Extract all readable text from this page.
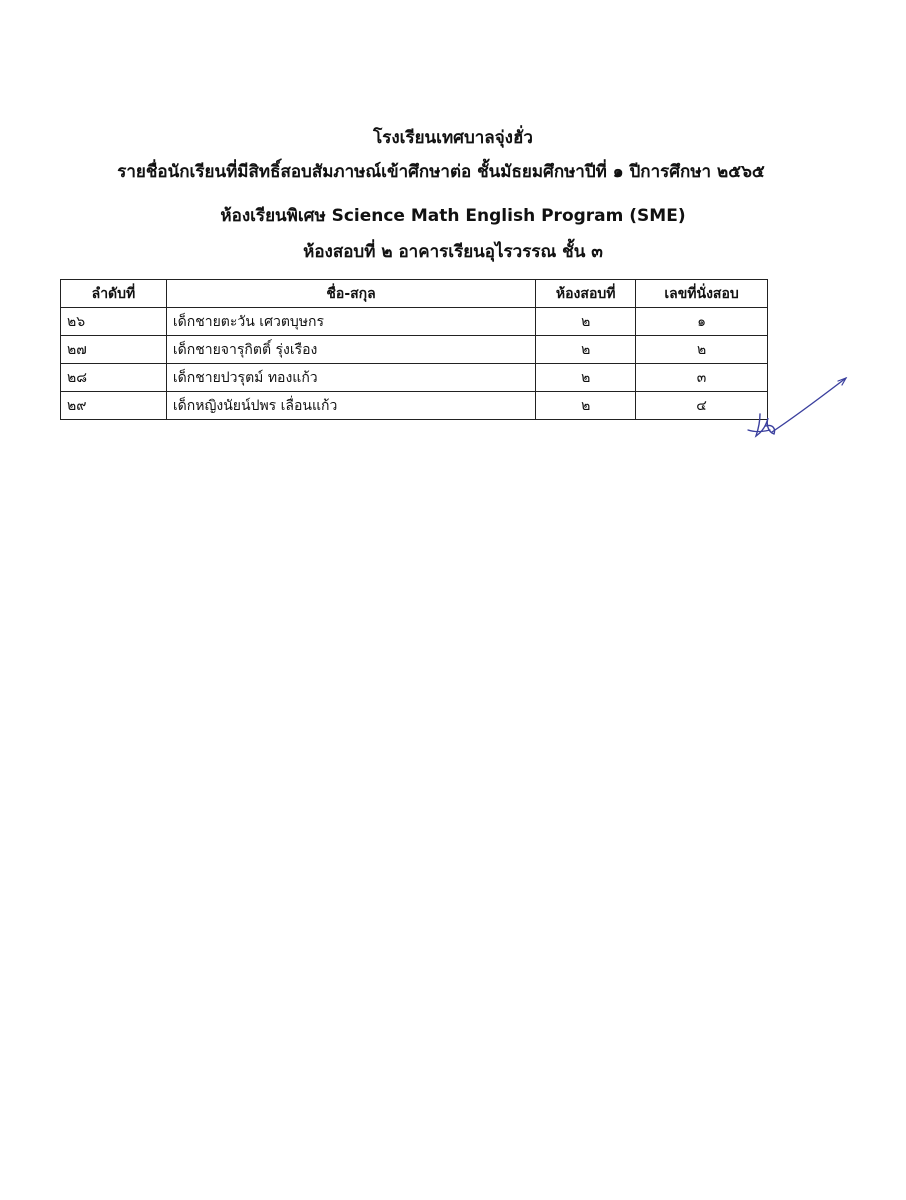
โรงเรียนเทศบาลจุ่งฮั่ว
รายชื่อนักเรียนที่มีสิทธิ์สอบสัมภาษณ์เข้าศึกษาต่อ ชั้นมัธยมศึกษาปีที่ ๑ ปีการศึกษา ๒๕๖๕
ห้องเรียนพิเศษ Science Math English Program (SME)
ห้องสอบที่ ๒ อาคารเรียนอุไรวรรณ ชั้น ๓
ลำดับที่	ชื่อ-สกุล	ห้องสอบที่	เลขที่นั่งสอบ
๒๖	เด็กชายตะวัน เศวตบุษกร	๒	๑
๒๗	เด็กชายจารุกิตติ์ รุ่งเรือง	๒	๒
๒๘	เด็กชายปวรุตม์ ทองแก้ว	๒	๓
๒๙	เด็กหญิงนัยน์ปพร เลื่อนแก้ว	๒	๔
